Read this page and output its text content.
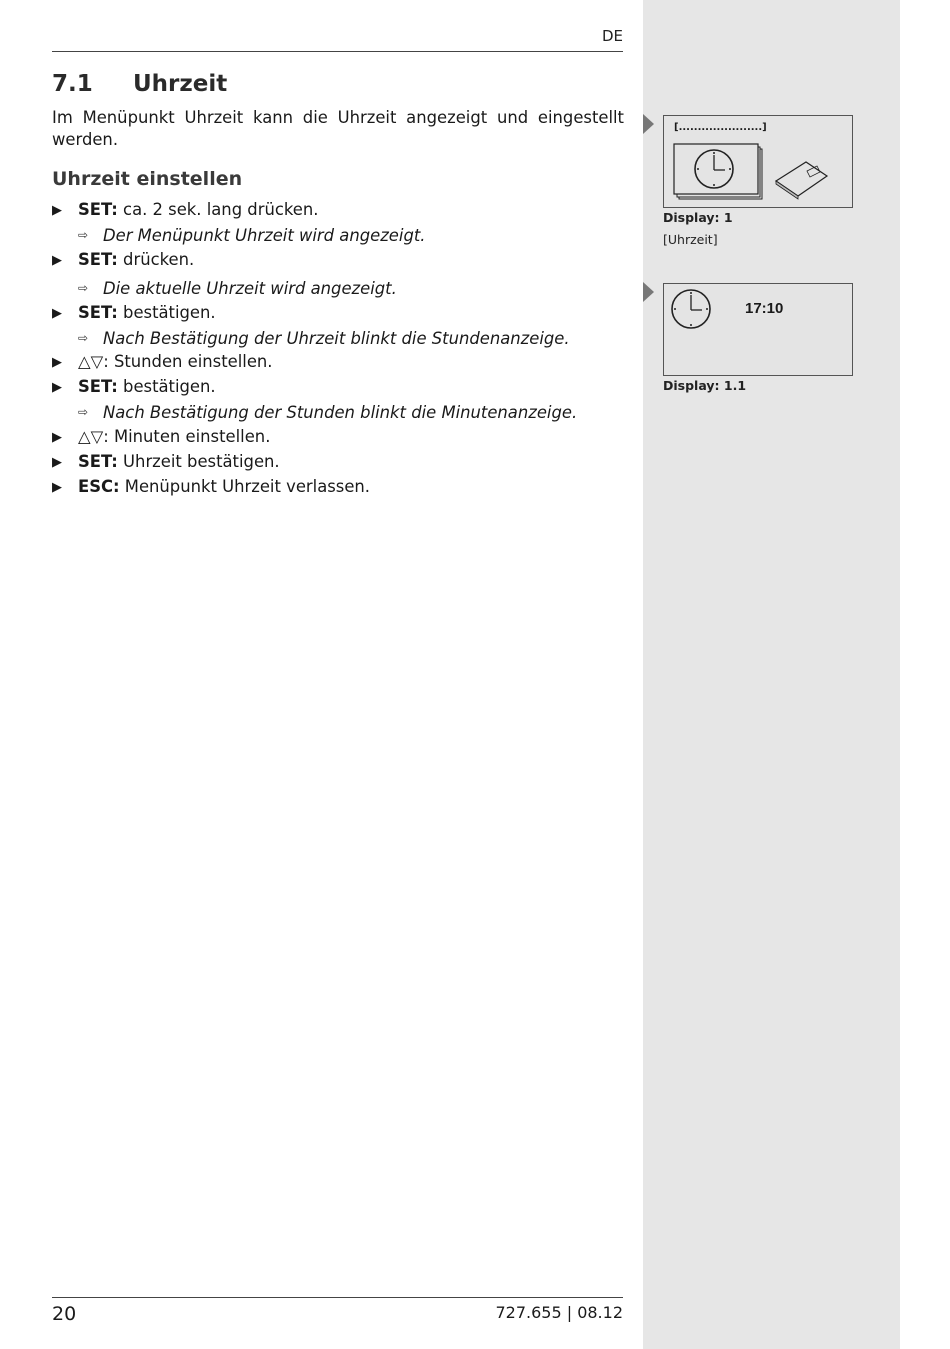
DE
7.1 Uhrzeit
Im Menüpunkt Uhrzeit kann die Uhrzeit angezeigt und eingestellt werden.
Uhrzeit einstellen
▶ SET: ca. 2 sek. lang drücken.
⇨ Der Menüpunkt Uhrzeit wird angezeigt.
▶ SET: drücken.
⇨ Die aktuelle Uhrzeit wird angezeigt.
▶ SET: bestätigen.
⇨ Nach Bestätigung der Uhrzeit blinkt die Stundenanzeige.
▶ △▽: Stunden einstellen.
▶ SET: bestätigen.
⇨ Nach Bestätigung der Stunden blinkt die Minutenanzeige.
▶ △▽: Minuten einstellen.
▶ SET: Uhrzeit bestätigen.
▶ ESC: Menüpunkt Uhrzeit verlassen.
[......................]
Display: 1
[Uhrzeit]
17:10
Display: 1.1
20	727.655 | 08.12
